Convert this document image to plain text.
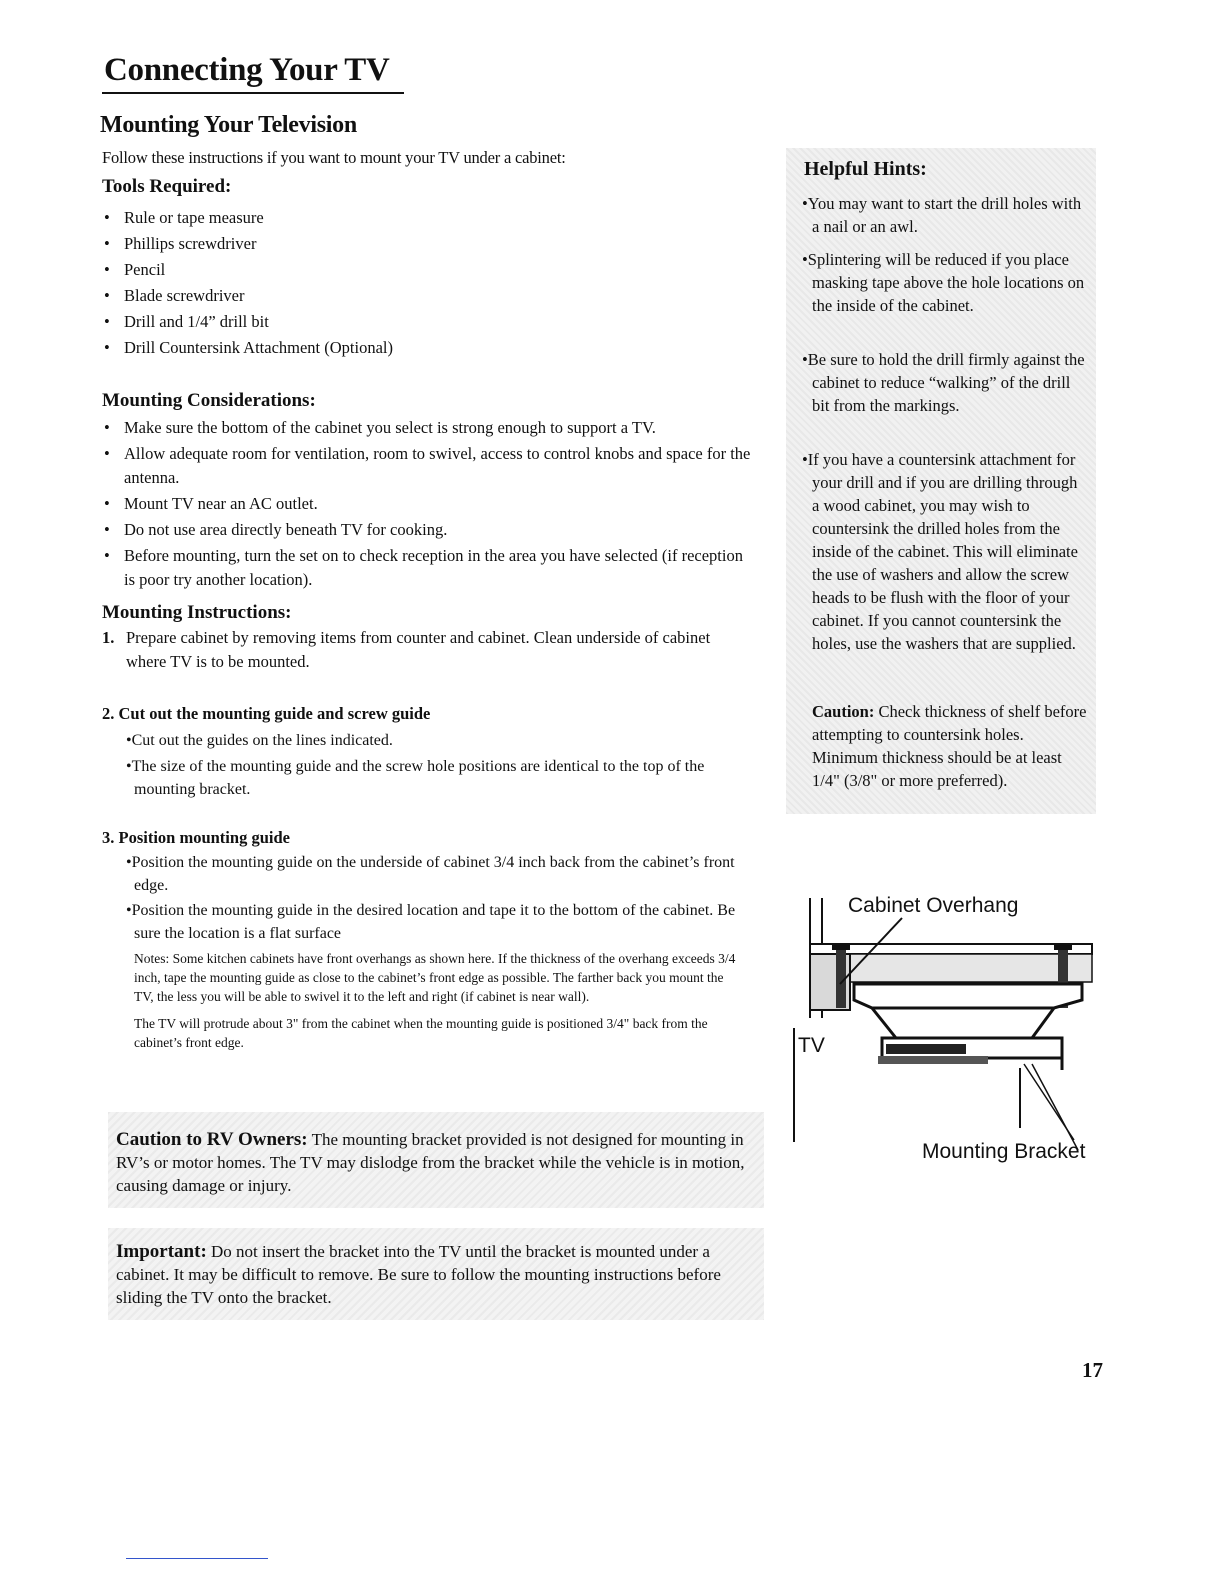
Connecting Your TV
Mounting Your Television
Follow these instructions if you want to mount your TV under a cabinet:
Tools Required:
• Rule or tape measure
• Phillips screwdriver
• Pencil
• Blade screwdriver
• Drill and 1/4” drill bit
• Drill Countersink Attachment (Optional)
Mounting Considerations:
• Make sure the bottom of the cabinet you select is strong enough to support a TV.
• Allow adequate room for ventilation, room to swivel, access to control knobs and space for the antenna.
• Mount TV near an AC outlet.
• Do not use area directly beneath TV for cooking.
• Before mounting, turn the set on to check reception in the area you have selected (if reception is poor try another location).
Mounting Instructions:
1. Prepare cabinet by removing items from counter and cabinet. Clean underside of cabinet where TV is to be mounted.
2. Cut out the mounting guide and screw guide
•Cut out the guides on the lines indicated.
•The size of the mounting guide and the screw hole positions are identical to the top of the mounting bracket.
3. Position mounting guide
•Position the mounting guide on the underside of cabinet 3/4 inch back from the cabinet’s front edge.
•Position the mounting guide in the desired location and tape it to the bottom of the cabinet. Be sure the location is a flat surface
Notes: Some kitchen cabinets have front overhangs as shown here. If the thickness of the overhang exceeds 3/4 inch, tape the mounting guide as close to the cabinet’s front edge as possible. The farther back you mount the TV, the less you will be able to swivel it to the left and right (if cabinet is near wall).
The TV will protrude about 3" from the cabinet when the mounting guide is positioned 3/4" back from the cabinet’s front edge.
Caution to RV Owners: The mounting bracket provided is not designed for mounting in RV’s or motor homes. The TV may dislodge from the bracket while the vehicle is in motion, causing damage or injury.
Important: Do not insert the bracket into the TV until the bracket is mounted under a cabinet. It may be difficult to remove. Be sure to follow the mounting instructions before sliding the TV onto the bracket.
Helpful Hints:
•You may want to start the drill holes with a nail or an awl.
•Splintering will be reduced if you place masking tape above the hole locations on the inside of the cabinet.
•Be sure to hold the drill firmly against the cabinet to reduce “walking” of the drill bit from the markings.
•If you have a countersink attachment for your drill and if you are drilling through a wood cabinet, you may wish to countersink the drilled holes from the inside of the cabinet. This will eliminate the use of washers and allow the screw heads to be flush with the floor of your cabinet. If you cannot countersink the holes, use the washers that are supplied.
Caution: Check thickness of shelf before attempting to countersink holes. Minimum thickness should be at least 1/4" (3/8" or more preferred).
Cabinet Overhang
TV
Mounting Bracket
17
